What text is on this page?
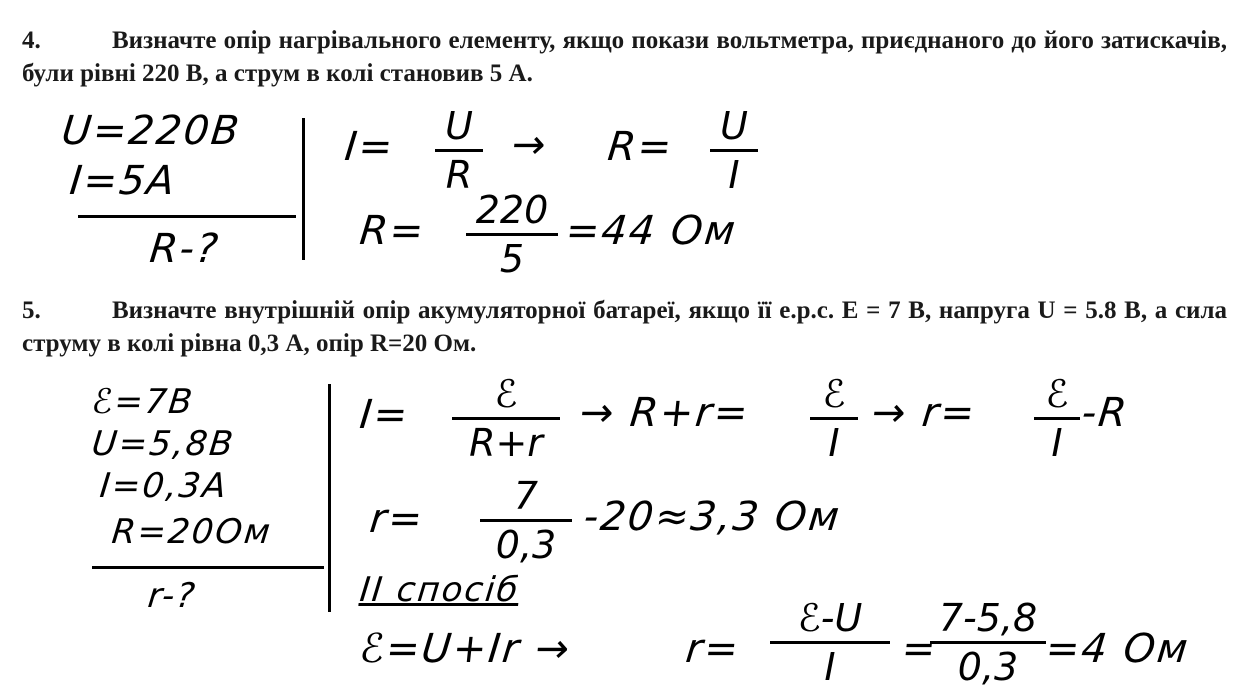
4.	Визначте опір нагрівального елементу, якщо покази вольтметра, приєднаного до його затискачів, були рівні 220 В, а струм в колі становив 5 А.
U=220B
I=5A
R-?
I= U
R
→ R= U
I
R= 220
5
=44 Ом
5.	Визначте внутрішній опір акумуляторної батареї, якщо її е.р.с. Е = 7 В, напруга U = 5.8 В, а сила струму в колі рівна 0,3 А, опір R=20 Ом.
ℰ=7B
U=5,8B
I=0,3A
R=20Ом
r-?
I=	ℰ
R+r
→ R+r=	ℰ
I
→ r=	ℰ
I
-R
r=	7
0,3
-20≈3,3 Ом
II спосіб
ℰ=U+Ir →	r=
ℰ-U
I	=
7-5,8
0,3 =4 Ом
